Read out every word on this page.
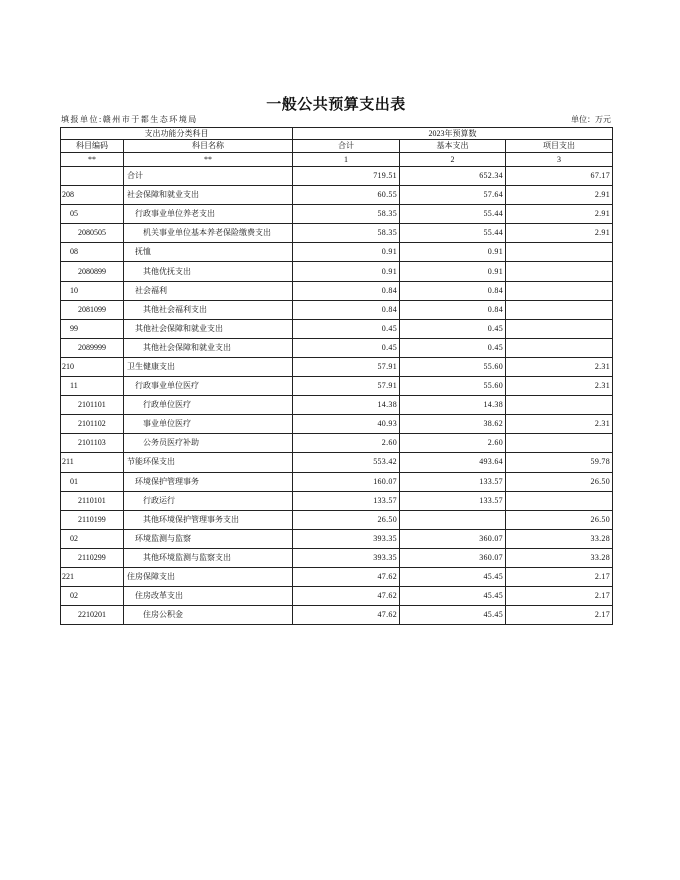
一般公共预算支出表
填报单位:赣州市于都生态环境局	单位：万元
支出功能分类科目		2023年预算数		
科目编码	科目名称	合计	基本支出	项目支出
**	**	1	2	3
	合计	719.51	652.34	67.17
208	社会保障和就业支出	60.55	57.64	2.91
05	行政事业单位养老支出	58.35	55.44	2.91
2080505	机关事业单位基本养老保险缴费支出	58.35	55.44	2.91
08	抚恤	0.91	0.91	
2080899	其他优抚支出	0.91	0.91	
10	社会福利	0.84	0.84	
2081099	其他社会福利支出	0.84	0.84	
99	其他社会保障和就业支出	0.45	0.45	
2089999	其他社会保障和就业支出	0.45	0.45	
210	卫生健康支出	57.91	55.60	2.31
11	行政事业单位医疗	57.91	55.60	2.31
2101101	行政单位医疗	14.38	14.38	
2101102	事业单位医疗	40.93	38.62	2.31
2101103	公务员医疗补助	2.60	2.60	
211	节能环保支出	553.42	493.64	59.78
01	环境保护管理事务	160.07	133.57	26.50
2110101	行政运行	133.57	133.57	
2110199	其他环境保护管理事务支出	26.50		26.50
02	环境监测与监察	393.35	360.07	33.28
2110299	其他环境监测与监察支出	393.35	360.07	33.28
221	住房保障支出	47.62	45.45	2.17
02	住房改革支出	47.62	45.45	2.17
2210201	住房公积金	47.62	45.45	2.17
